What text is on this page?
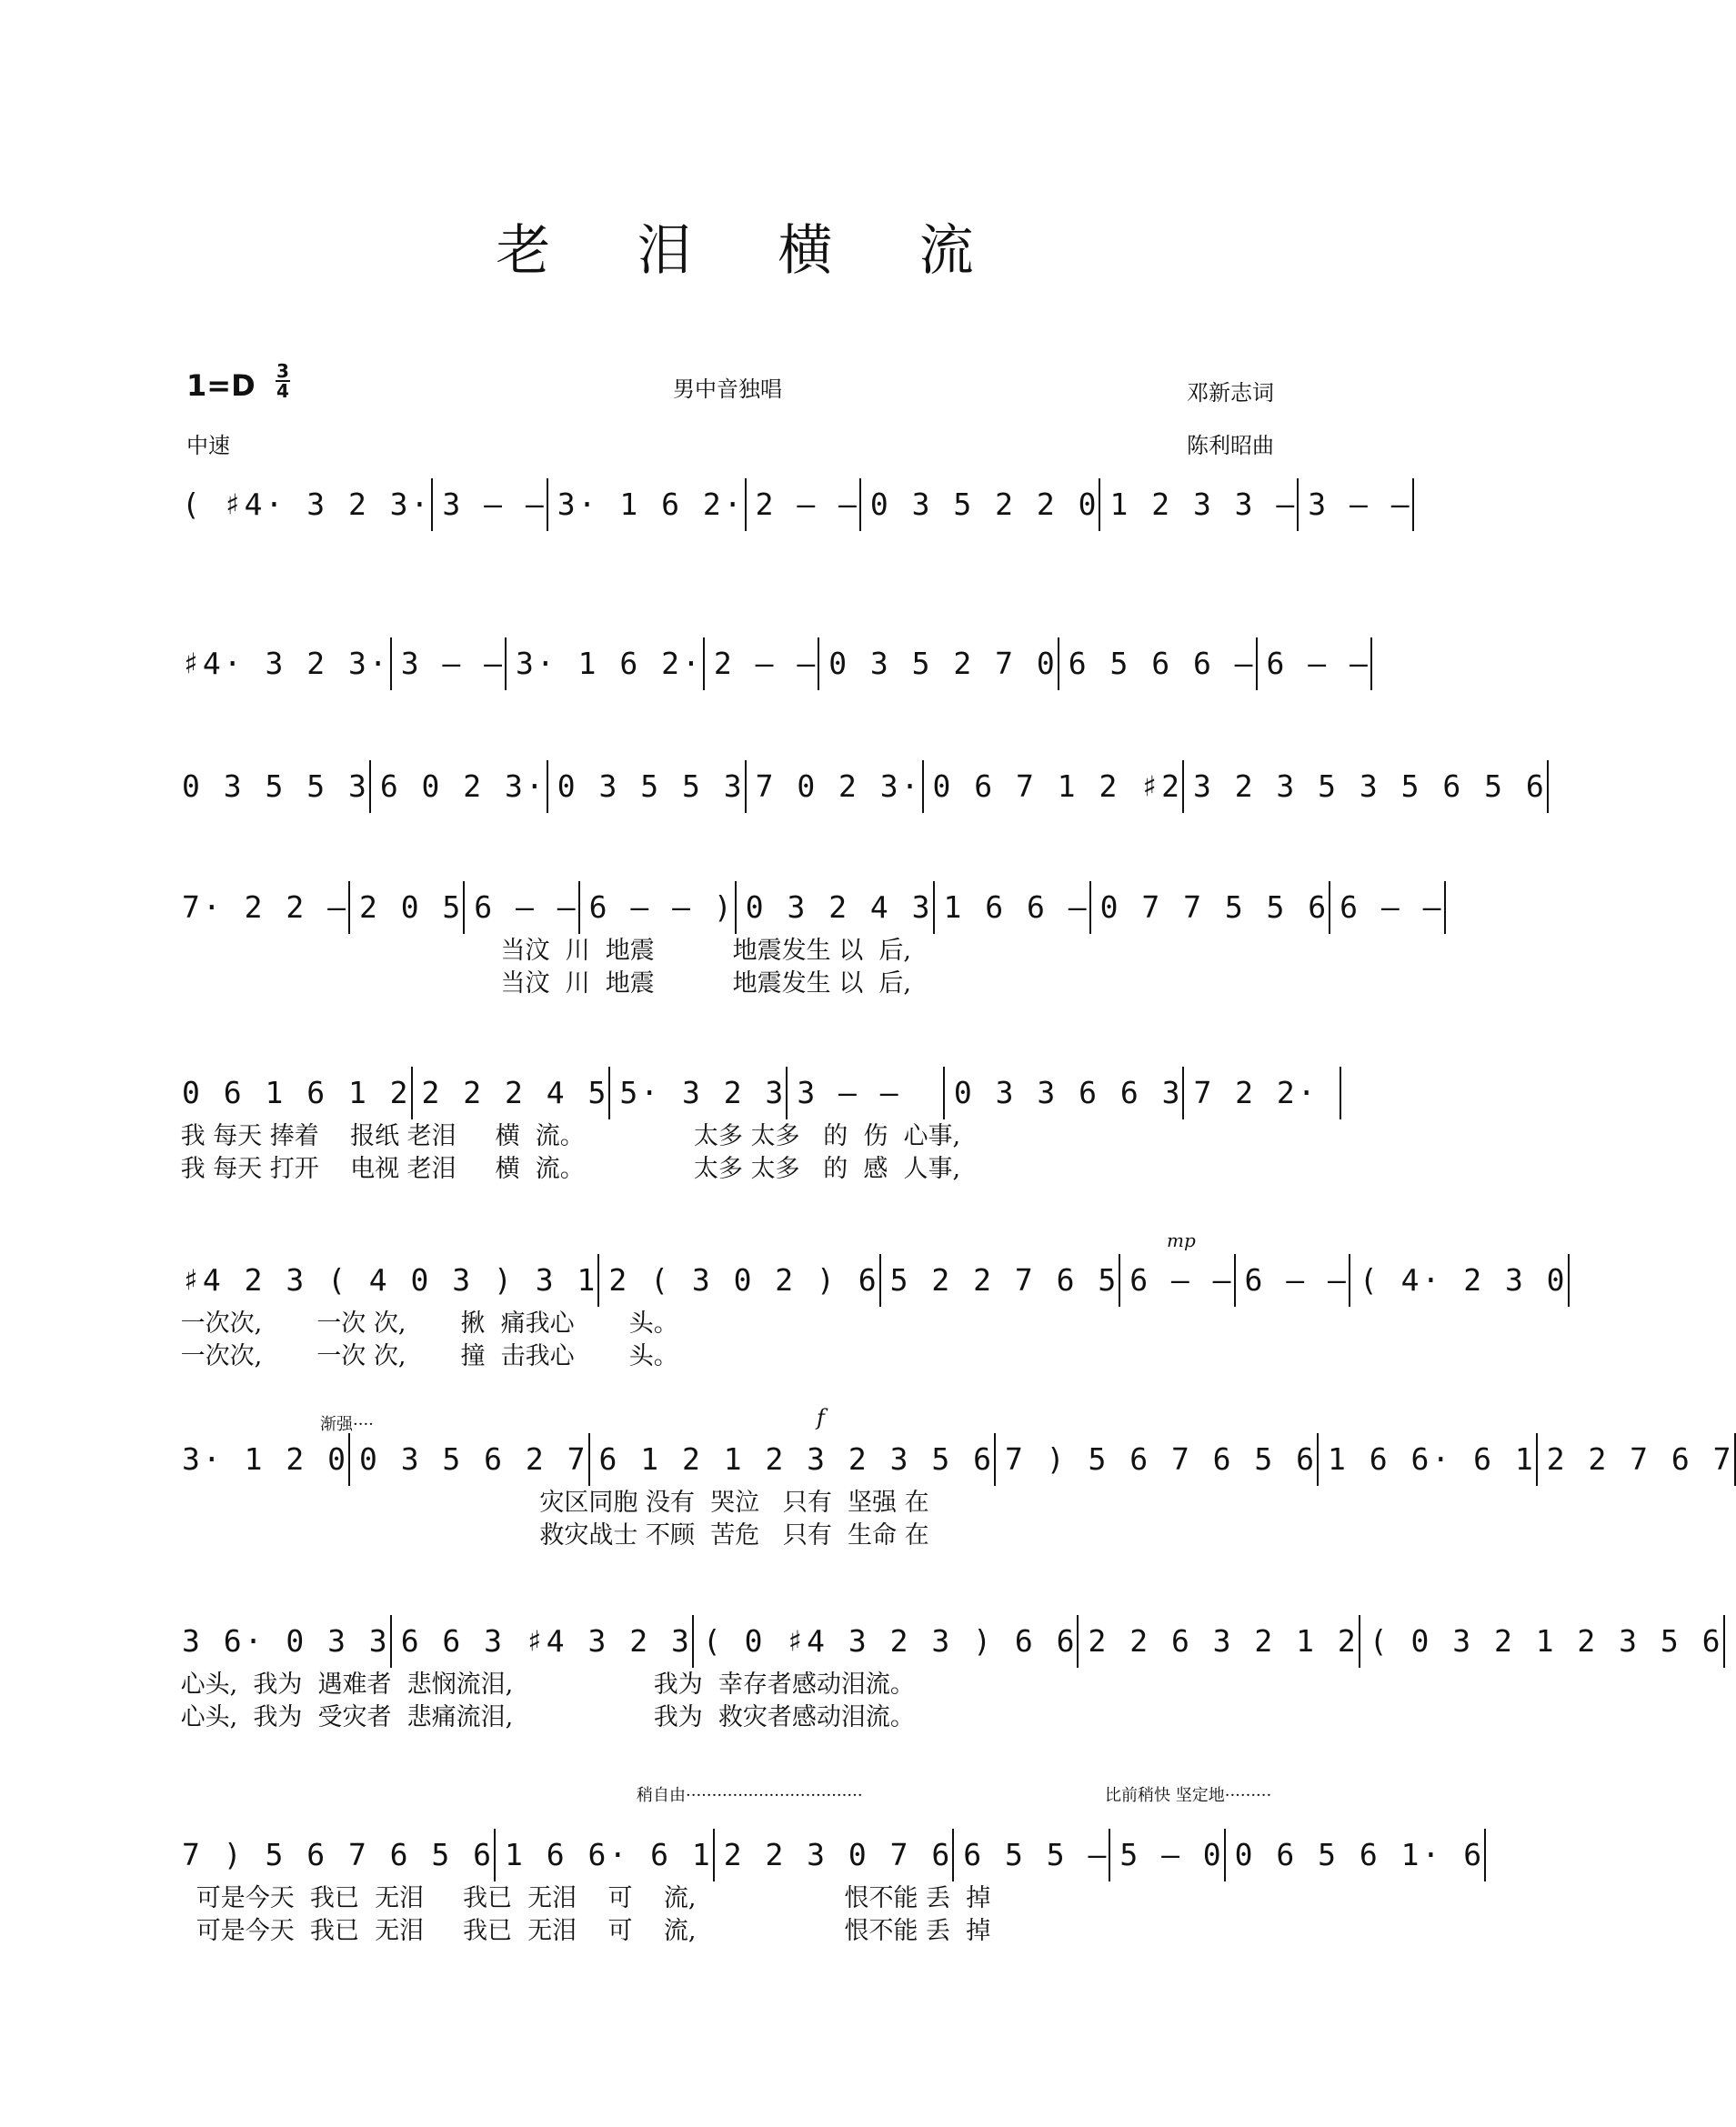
老 泪 横 流
1=D 3
4	男中音独唱	邓新志词
中速	陈利昭曲
( ♯4· 3 2 3· 3 — — 3· 1 6 2· 2 — — 0 3 5 2 2 0 1 2 3 3 — 3 — —
♯4· 3 2 3· 3 — — 3· 1 6 2· 2 — — 0 3 5 2 7 0 6 5 6 6 — 6 — —
0 3 5 5 3 6 0 2 3· 0 3 5 5 3 7 0 2 3· 0 6 7 1 2 ♯2 3 2 3 5 3 5 6 5 6
7· 2 2 — 2 0 5 6 — — 6 — — ) 0 3 2 4 3 1 6 6 — 0 7 7 5 5 6 6 — —
当汶  川  地震          地震发生 以  后,
当汶  川  地震          地震发生 以  后,
0 6 1 6 1 2 2 2 2 4 5 5· 3 2 3 3 — —	0 3 3 6 6 3 7 2 2·
我 每天 捧着    报纸 老泪     横  流。              太多 太多   的  伤  心事,
我 每天 打开    电视 老泪     横  流。              太多 太多   的  感  人事,
♯4 2 3 ( 4 0 3 ) 3 1 2 ( 3 0 2 ) 6 5 2 2 7 6 5 6 — — 6 — — ( 4· 2 3 0
一次次,       一次 次,       揪  痛我心       头。
一次次,       一次 次,       撞  击我心       头。
3· 1 2 0 0 3 5 6 2 7 6 1 2 1 2 3 2 3 5 6 7 ) 5 6 7 6 5 6 1 6 6· 6 1 2 2 7 6 7
灾区同胞 没有  哭泣   只有  坚强 在
救灾战士 不顾  苦危   只有  生命 在
3 6· 0 3 3 6 6 3 ♯4 3 2 3 ( 0 ♯4 3 2 3 ) 6 6 2 2 6 3 2 1 2 ( 0 3 2 1 2 3 5 6
心头,  我为  遇难者  悲悯流泪,                  我为  幸存者感动泪流。
心头,  我为  受灾者  悲痛流泪,                  我为  救灾者感动泪流。
7 ) 5 6 7 6 5 6 1 6 6· 6 1 2 2 3 0 7 6 6 5 5 — 5 — 0 0 6 5 6 1· 6
可是今天  我已  无泪     我已  无泪    可    流,                   恨不能 丢  掉
可是今天  我已  无泪     我已  无泪    可    流,                   恨不能 丢  掉
mp
渐强····	f
稍自由··································	比前稍快 坚定地·········
